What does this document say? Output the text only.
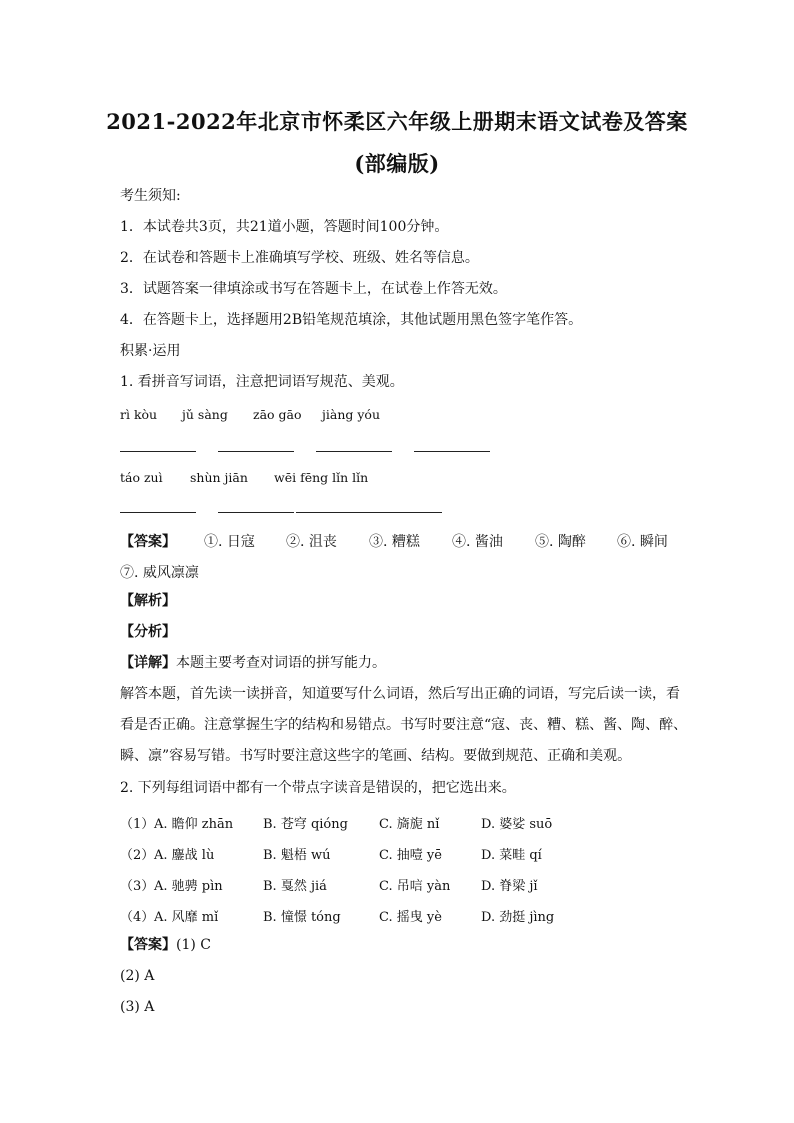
2021-2022年北京市怀柔区六年级上册期末语文试卷及答案
(部编版)
考生须知:
1．本试卷共3页，共21道小题，答题时间100分钟。
2．在试卷和答题卡上准确填写学校、班级、姓名等信息。
3．试题答案一律填涂或书写在答题卡上，在试卷上作答无效。
4．在答题卡上，选择题用2B铅笔规范填涂，其他试题用黑色签字笔作答。
积累·运用
1. 看拼音写词语，注意把词语写规范、美观。
rì kòu jǔ sàng zāo gāo jiàng yóu
táo zuì shùn jiān wēi fēng lǐn lǐn
【答案】 ①. 日寇 ②. 沮丧 ③. 糟糕 ④. 酱油 ⑤. 陶醉 ⑥. 瞬间
⑦. 威风凛凛
【解析】
【分析】
【详解】本题主要考查对词语的拼写能力。
解答本题，首先读一读拼音，知道要写什么词语，然后写出正确的词语，写完后读一读，看
看是否正确。注意掌握生字的结构和易错点。书写时要注意“寇、丧、糟、糕、酱、陶、醉、
瞬、凛”容易写错。书写时要注意这些字的笔画、结构。要做到规范、正确和美观。
2. 下列每组词语中都有一个带点字读音是错误的，把它选出来。
（1） A. 瞻仰 zhān B. 苍穹 qióng C. 旖旎 nǐ	D. 婆娑 suō
（2） A. 鏖战 lù	B. 魁梧 wú	C. 抽噎 yē	D. 菜畦 qí
（3） A. 驰骋 pìn	B. 戛然 jiá	C. 吊唁 yàn D. 脊梁 jǐ
（4） A. 风靡 mǐ	B. 憧憬 tóng	C. 摇曳 yè	D. 劲挺 jìng
【答案】(1) C
(2) A
(3) A
